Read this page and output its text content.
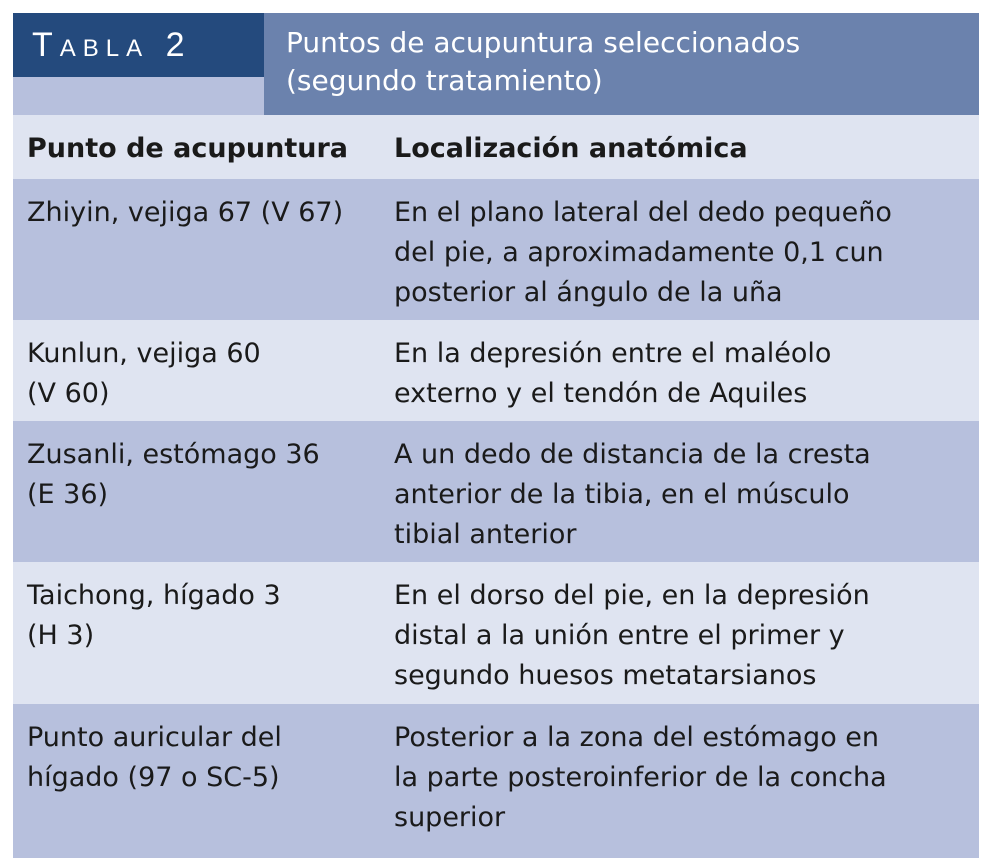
Tabla 2	Puntos de acupuntura seleccionados
(segundo tratamiento)
Punto de acupuntura Localización anatómica
Zhiyin, vejiga 67 (V 67)	En el plano lateral del dedo pequeño
del pie, a aproximadamente 0,1 cun
posterior al ángulo de la uña
Kunlun, vejiga 60
(V 60)
En la depresión entre el maléolo
externo y el tendón de Aquiles
Zusanli, estómago 36
(E 36)
A un dedo de distancia de la cresta
anterior de la tibia, en el músculo
tibial anterior
Taichong, hígado 3
(H 3)
En el dorso del pie, en la depresión
distal a la unión entre el primer y
segundo huesos metatarsianos
Punto auricular del
hígado (97 o SC-5)
Posterior a la zona del estómago en
la parte posteroinferior de la concha
superior
